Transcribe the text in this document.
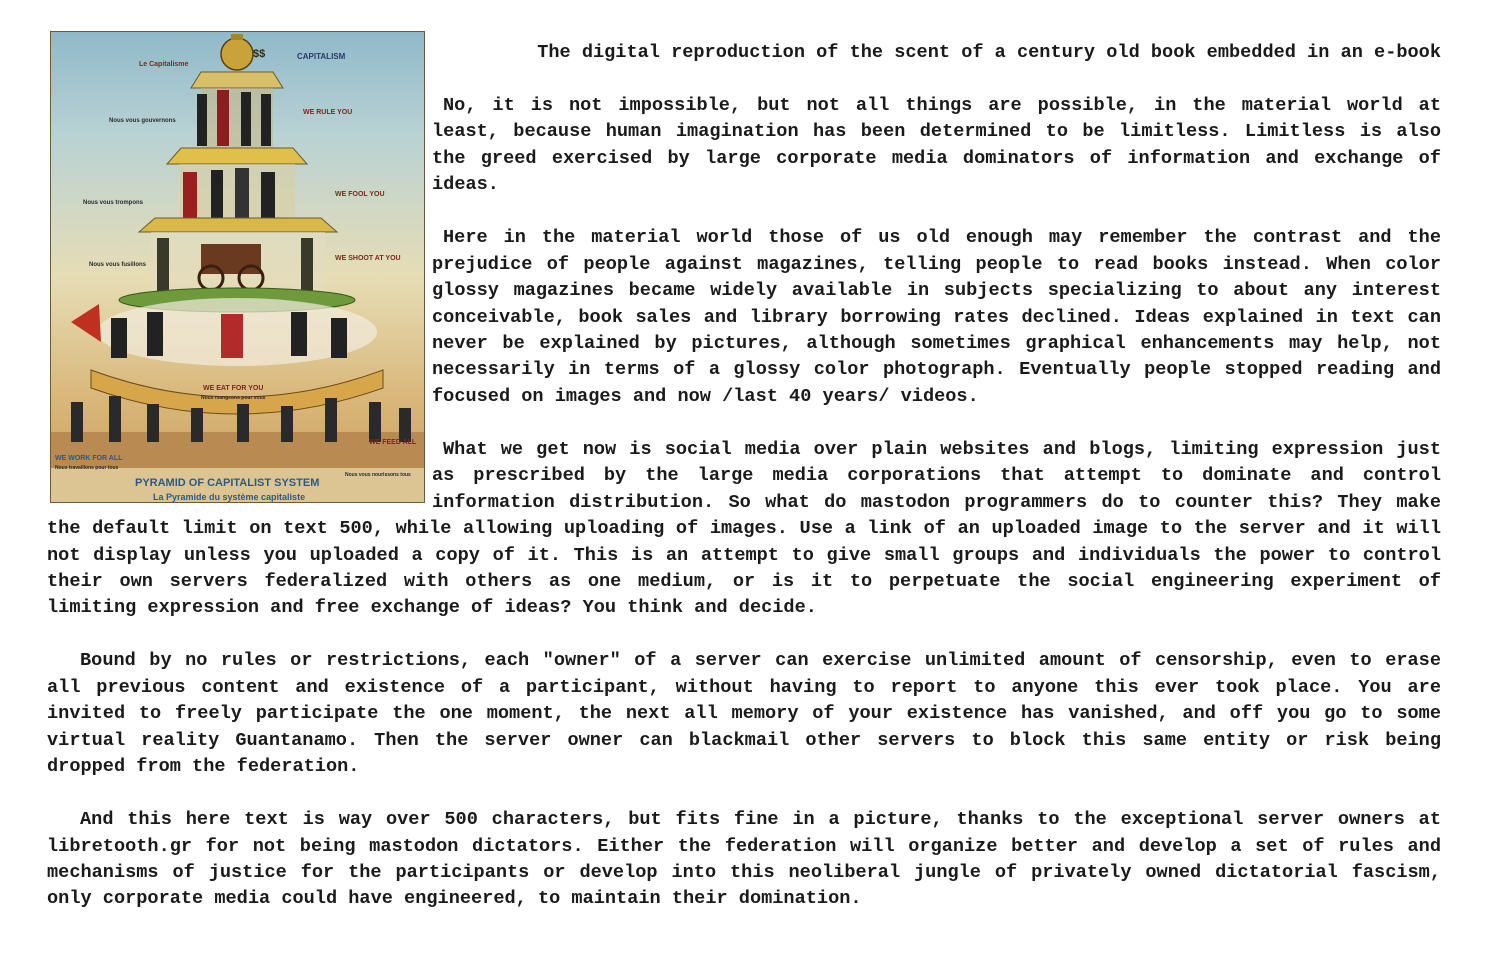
Le Capitalisme
CAPITALISM
$$
Nous vous gouvernons
WE RULE YOU
Nous vous trompons
WE FOOL YOU
Nous vous fusillons
WE SHOOT AT YOU
WE EAT FOR YOU
Nous mangeons pour vous
WE WORK FOR ALL
Nous travaillons pour tous
WE FEED ALL
Nous vous nourissons tous
PYRAMID OF CAPITALIST SYSTEM
La Pyramide du système capitaliste
The digital reproduction of the scent of a century old book embedded in an e-book

No, it is not impossible, but not all things are possible, in the material world at least, because human imagination has been determined to be limitless. Limitless is also the greed exercised by large corporate media dominators of information and exchange of ideas.

Here in the material world those of us old enough may remember the contrast and the prejudice of people against magazines, telling people to read books instead. When color glossy magazines became widely available in subjects specializing to about any interest conceivable, book sales and library borrowing rates declined. Ideas explained in text can never be explained by pictures, although sometimes graphical enhancements may help, not necessarily in terms of a glossy color photograph. Eventually people stopped reading and focused on images and now /last 40 years/ videos.

What we get now is social media over plain websites and blogs, limiting expression just as prescribed by the large media corporations that attempt to dominate and control information distribution. So what do mastodon programmers do to counter this? They make the default limit on text 500, while allowing uploading of images. Use a link of an uploaded image to the server and it will not display unless you uploaded a copy of it. This is an attempt to give small groups and individuals the power to control their own servers federalized with others as one medium, or is it to perpetuate the social engineering experiment of limiting expression and free exchange of ideas? You think and decide.

Bound by no rules or restrictions, each "owner" of a server can exercise unlimited amount of censorship, even to erase all previous content and existence of a participant, without having to report to anyone this ever took place. You are invited to freely participate the one moment, the next all memory of your existence has vanished, and off you go to some virtual reality Guantanamo. Then the server owner can blackmail other servers to block this same entity or risk being dropped from the federation.

And this here text is way over 500 characters, but fits fine in a picture, thanks to the exceptional server owners at libretooth.gr for not being mastodon dictators. Either the federation will organize better and develop a set of rules and mechanisms of justice for the participants or develop into this neoliberal jungle of privately owned dictatorial fascism, only corporate media could have engineered, to maintain their domination.
